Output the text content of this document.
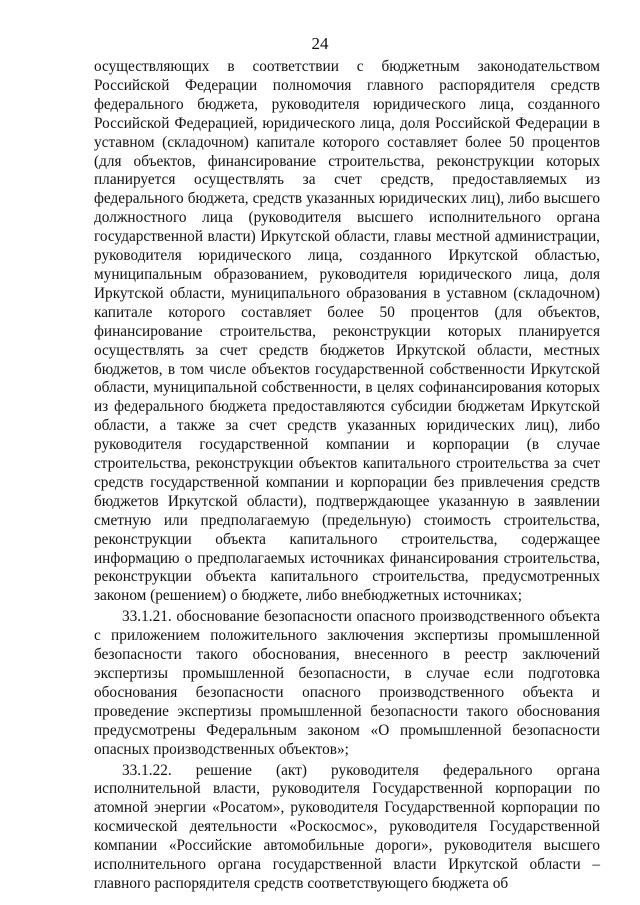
24

осуществляющих в соответствии с бюджетным законодательством Российской Федерации полномочия главного распорядителя средств федерального бюджета, руководителя юридического лица, созданного Российской Федерацией, юридического лица, доля Российской Федерации в уставном (складочном) капитале которого составляет более 50 процентов (для объектов, финансирование строительства, реконструкции которых планируется осуществлять за счет средств, предоставляемых из федерального бюджета, средств указанных юридических лиц), либо высшего должностного лица (руководителя высшего исполнительного органа государственной власти) Иркутской области, главы местной администрации, руководителя юридического лица, созданного Иркутской областью, муниципальным образованием, руководителя юридического лица, доля Иркутской области, муниципального образования в уставном (складочном) капитале которого составляет более 50 процентов (для объектов, финансирование строительства, реконструкции которых планируется осуществлять за счет средств бюджетов Иркутской области, местных бюджетов, в том числе объектов государственной собственности Иркутской области, муниципальной собственности, в целях софинансирования которых из федерального бюджета предоставляются субсидии бюджетам Иркутской области, а также за счет средств указанных юридических лиц), либо руководителя государственной компании и корпорации (в случае строительства, реконструкции объектов капитального строительства за счет средств государственной компании и корпорации без привлечения средств бюджетов Иркутской области), подтверждающее указанную в заявлении сметную или предполагаемую (предельную) стоимость строительства, реконструкции объекта капитального строительства, содержащее информацию о предполагаемых источниках финансирования строительства, реконструкции объекта капитального строительства, предусмотренных законом (решением) о бюджете, либо внебюджетных источниках;

33.1.21. обоснование безопасности опасного производственного объекта с приложением положительного заключения экспертизы промышленной безопасности такого обоснования, внесенного в реестр заключений экспертизы промышленной безопасности, в случае если подготовка обоснования безопасности опасного производственного объекта и проведение экспертизы промышленной безопасности такого обоснования предусмотрены Федеральным законом «О промышленной безопасности опасных производственных объектов»;

33.1.22. решение (акт) руководителя федерального органа исполнительной власти, руководителя Государственной корпорации по атомной энергии «Росатом», руководителя Государственной корпорации по космической деятельности «Роскосмос», руководителя Государственной компании «Российские автомобильные дороги», руководителя высшего исполнительного органа государственной власти Иркутской области – главного распорядителя средств соответствующего бюджета об
